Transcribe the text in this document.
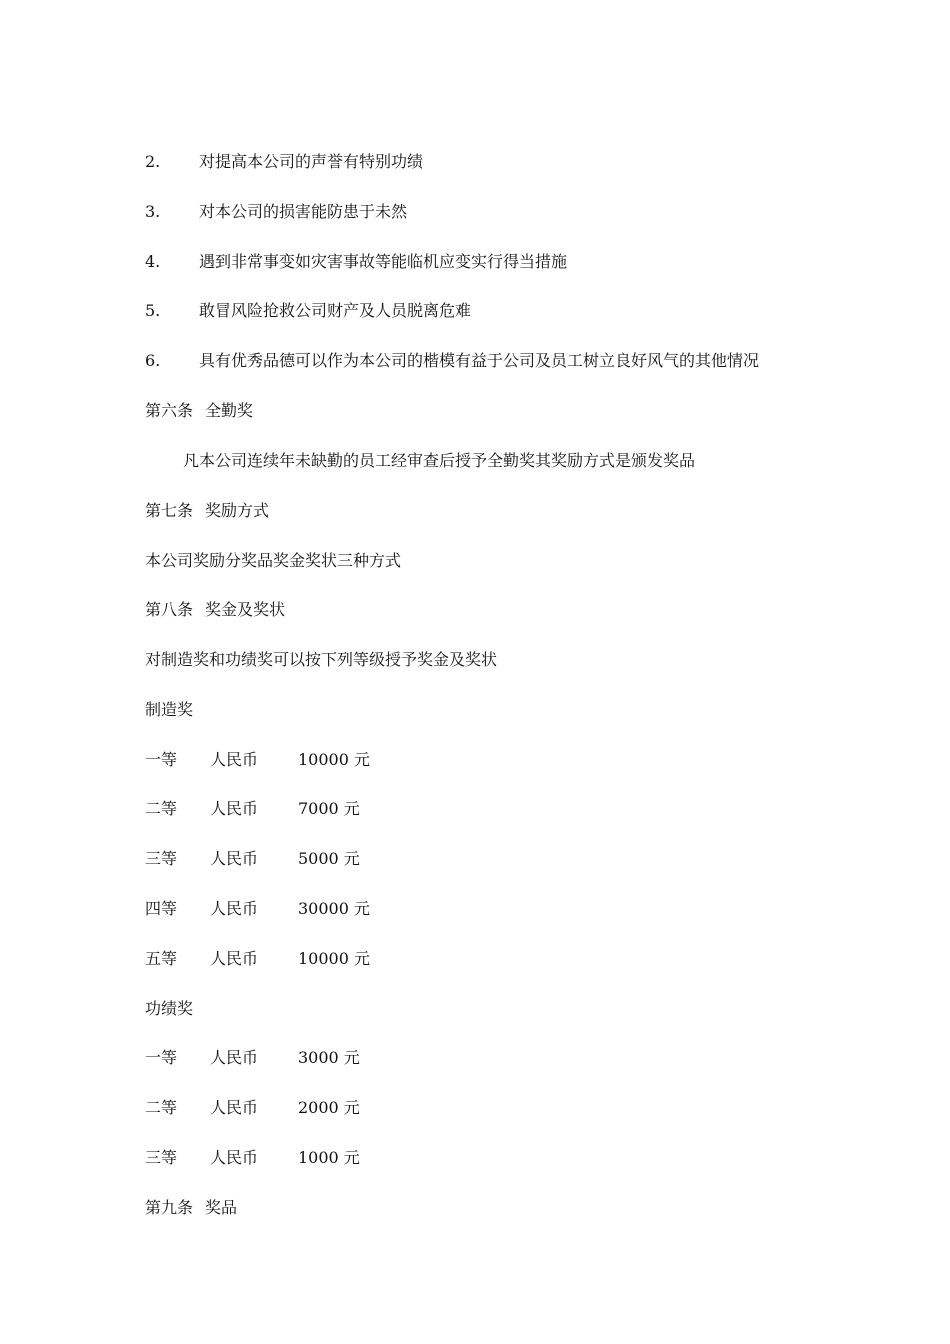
2. 对提高本公司的声誉有特别功绩
3. 对本公司的损害能防患于未然
4. 遇到非常事变如灾害事故等能临机应变实行得当措施
5. 敢冒风险抢救公司财产及人员脱离危难
6. 具有优秀品德可以作为本公司的楷模有益于公司及员工树立良好风气的其他情况
第六条 全勤奖
凡本公司连续年未缺勤的员工经审查后授予全勤奖其奖励方式是颁发奖品
第七条 奖励方式
本公司奖励分奖品奖金奖状三种方式
第八条 奖金及奖状
对制造奖和功绩奖可以按下列等级授予奖金及奖状
制造奖
一等 人民币 10000 元
二等 人民币 7000 元
三等 人民币 5000 元
四等 人民币 30000 元
五等 人民币 10000 元
功绩奖
一等 人民币 3000 元
二等 人民币 2000 元
三等 人民币 1000 元
第九条 奖品
